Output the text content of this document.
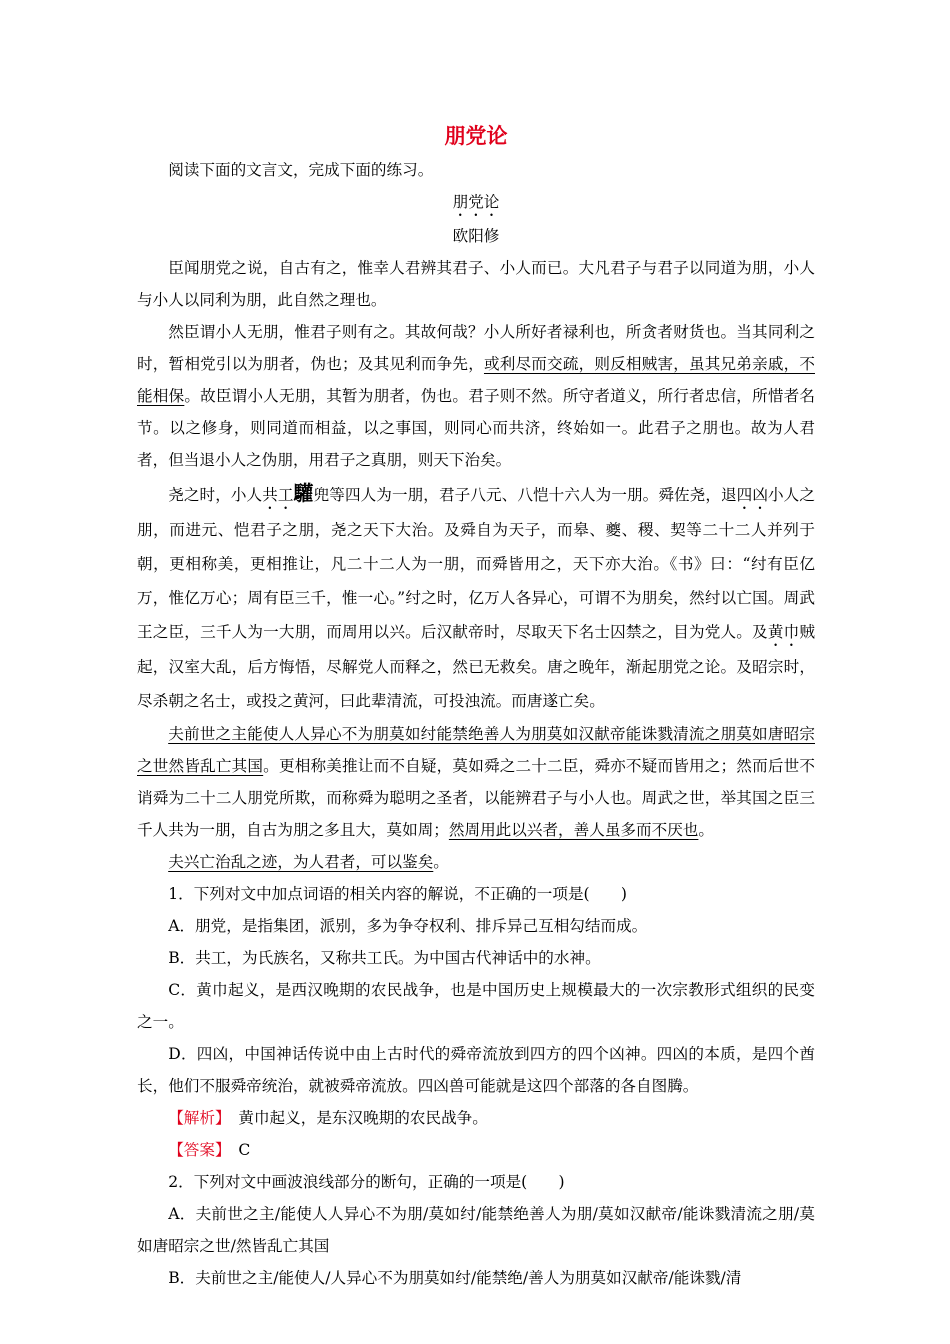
朋党论
阅读下面的文言文，完成下面的练习。
朋党论
欧阳修

臣闻朋党之说，自古有之，惟幸人君辨其君子、小人而已。大凡君子与君子以同道为朋，小人与小人以同利为朋，此自然之理也。

然臣谓小人无朋，惟君子则有之。其故何哉？小人所好者禄利也，所贪者财货也。当其同利之时，暂相党引以为朋者，伪也；及其见利而争先，或利尽而交疏，则反相贼害，虽其兄弟亲戚，不能相保。故臣谓小人无朋，其暂为朋者，伪也。君子则不然。所守者道义，所行者忠信，所惜者名节。以之修身，则同道而相益，以之事国，则同心而共济，终始如一。此君子之朋也。故为人君者，但当退小人之伪朋，用君子之真朋，则天下治矣。

尧之时，小人共工驩兜等四人为一朋，君子八元、八恺十六人为一朋。舜佐尧，退四凶小人之朋，而进元、恺君子之朋，尧之天下大治。及舜自为天子，而皋、夔、稷、契等二十二人并列于朝，更相称美，更相推让，凡二十二人为一朋，而舜皆用之，天下亦大治。《书》曰：“纣有臣亿万，惟亿万心；周有臣三千，惟一心。”纣之时，亿万人各异心，可谓不为朋矣，然纣以亡国。周武王之臣，三千人为一大朋，而周用以兴。后汉献帝时，尽取天下名士囚禁之，目为党人。及黄巾贼起，汉室大乱，后方悔悟，尽解党人而释之，然已无救矣。唐之晚年，渐起朋党之论。及昭宗时，尽杀朝之名士，或投之黄河，曰此辈清流，可投浊流。而唐遂亡矣。

夫前世之主能使人人异心不为朋莫如纣能禁绝善人为朋莫如汉献帝能诛戮清流之朋莫如唐昭宗之世然皆乱亡其国。更相称美推让而不自疑，莫如舜之二十二臣，舜亦不疑而皆用之；然而后世不诮舜为二十二人朋党所欺，而称舜为聪明之圣者，以能辨君子与小人也。周武之世，举其国之臣三千人共为一朋，自古为朋之多且大，莫如周；然周用此以兴者，善人虽多而不厌也。

夫兴亡治乱之迹，为人君者，可以鉴矣。

1．下列对文中加点词语的相关内容的解说，不正确的一项是(　　)

A．朋党，是指集团，派别，多为争夺权利、排斥异己互相勾结而成。

B．共工，为氏族名，又称共工氏。为中国古代神话中的水神。

C．黄巾起义，是西汉晚期的农民战争，也是中国历史上规模最大的一次宗教形式组织的民变之一。

D．四凶，中国神话传说中由上古时代的舜帝流放到四方的四个凶神。四凶的本质，是四个酋长，他们不服舜帝统治，就被舜帝流放。四凶兽可能就是这四个部落的各自图腾。

【解析】　黄巾起义，是东汉晚期的农民战争。

【答案】　C

2．下列对文中画波浪线部分的断句，正确的一项是(　　)

A．夫前世之主/能使人人异心不为朋/莫如纣/能禁绝善人为朋/莫如汉献帝/能诛戮清流之朋/莫如唐昭宗之世/然皆乱亡其国

B．夫前世之主/能使人/人异心不为朋莫如纣/能禁绝/善人为朋莫如汉献帝/能诛戮/清
